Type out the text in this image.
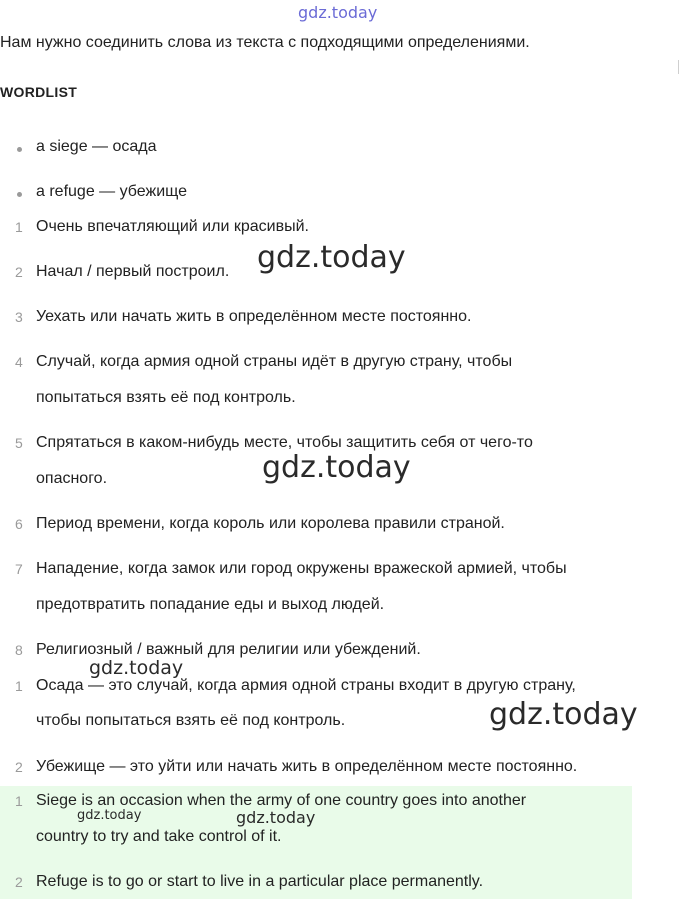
gdz.today
Нам нужно соединить слова из текста с подходящими определениями.
WORDLIST
a siege — осада
a refuge — убежище
1 Очень впечатляющий или красивый.
2 Начал / первый построил.
3 Уехать или начать жить в определённом месте постоянно.
4 Случай, когда армия одной страны идёт в другую страну, чтобы
попытаться взять её под контроль.
5 Спрятаться в каком-нибудь месте, чтобы защитить себя от чего-то
опасного.
6 Период времени, когда король или королева правили страной.
7 Нападение, когда замок или город окружены вражеской армией, чтобы
предотвратить попадание еды и выход людей.
8 Религиозный / важный для религии или убеждений.
1 Осада — это случай, когда армия одной страны входит в другую страну,
чтобы попытаться взять её под контроль.
2 Убежище — это уйти или начать жить в определённом месте постоянно.
1 Siege is an occasion when the army of one country goes into another
country to try and take control of it.
2 Refuge is to go or start to live in a particular place permanently.
gdz.today
gdz.today
gdz.today
gdz.today
gdz.today	gdz.today
